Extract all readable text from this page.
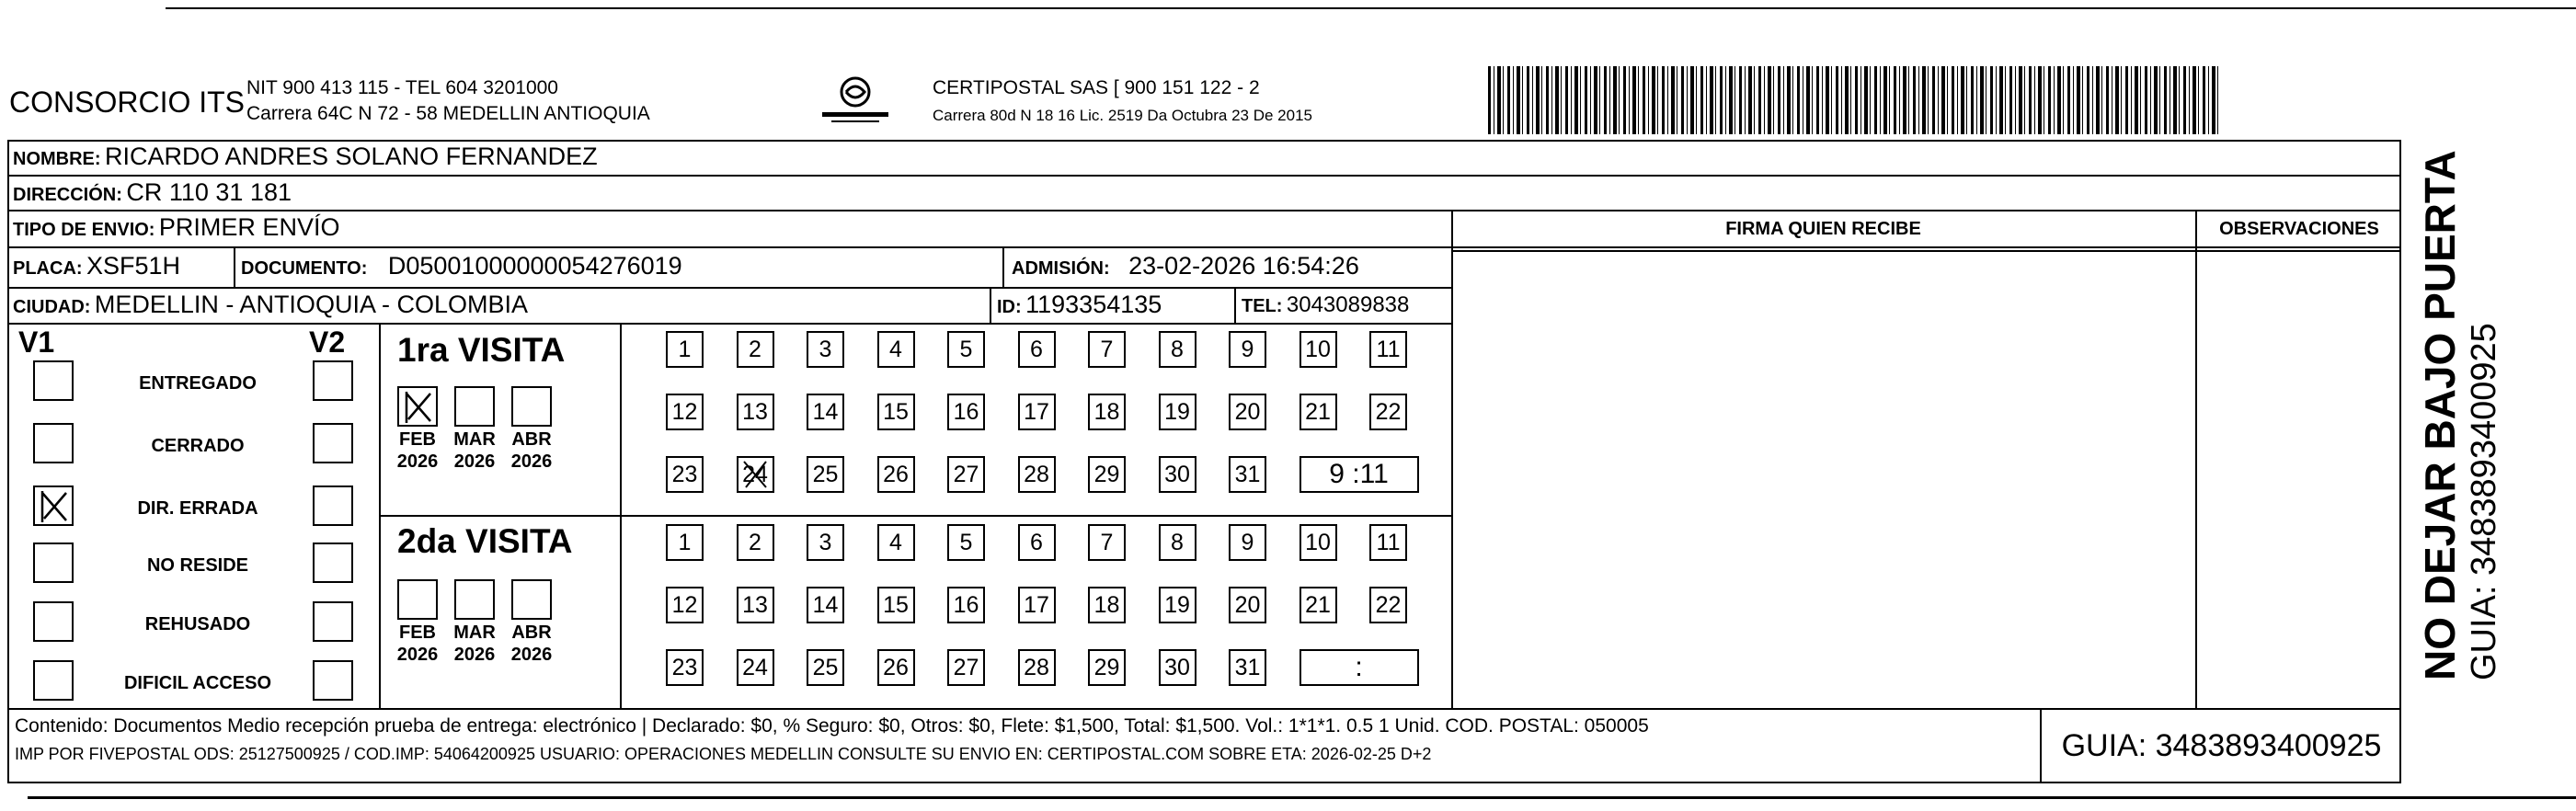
CONSORCIO ITS NIT 900 413 115 - TEL 604 3201000
Carrera 64C N 72 - 58 MEDELLIN ANTIOQUIA
CERTIPOSTAL SAS [ 900 151 122 - 2
Carrera 80d N 18 16 Lic. 2519 Da Octubra 23 De 2015
NOMBRE: RICARDO ANDRES SOLANO FERNANDEZ
DIRECCIÓN: CR 110 31 181
TIPO DE ENVIO: PRIMER ENVÍO	FIRMA QUIEN RECIBE	OBSERVACIONES
PLACA: XSF51H	DOCUMENTO: D05001000000054276019	ADMISIÓN: 23-02-2026 16:54:26
CIUDAD: MEDELLIN - ANTIOQUIA - COLOMBIA	ID: 1193354135	TEL: 3043089838
V1	V2
ENTREGADO
CERRADO
DIR. ERRADA
NO RESIDE
REHUSADO
DIFICIL ACCESO
1ra VISITA
2da VISITA
FEB
2026
MAR
2026
ABR
2026
1	2	3	4	5	6	7	8	9	10	11
12 13 14 15 16 17 18 19 20 21 22
23 24 25 26 27 28 29 30 31	9 :11
FEB
2026
MAR
2026
ABR
2026
1	2	3	4	5	6	7	8	9	10	11
12 13 14 15 16 17 18 19 20 21 22
23 24 25 26 27 28 29 30 31	:
Contenido: Documentos Medio recepción prueba de entrega: electrónico | Declarado: $0, % Seguro: $0, Otros: $0, Flete: $1,500, Total: $1,500. Vol.: 1*1*1. 0.5 1 Unid. COD. POSTAL: 050005
IMP POR FIVEPOSTAL ODS: 25127500925 / COD.IMP: 54064200925 USUARIO: OPERACIONES MEDELLIN CONSULTE SU ENVIO EN: CERTIPOSTAL.COM SOBRE ETA: 2026-02-25 D+2	GUIA: 3483893400925
NO DEJAR BAJO PUERTA GUIA: 3483893400925
